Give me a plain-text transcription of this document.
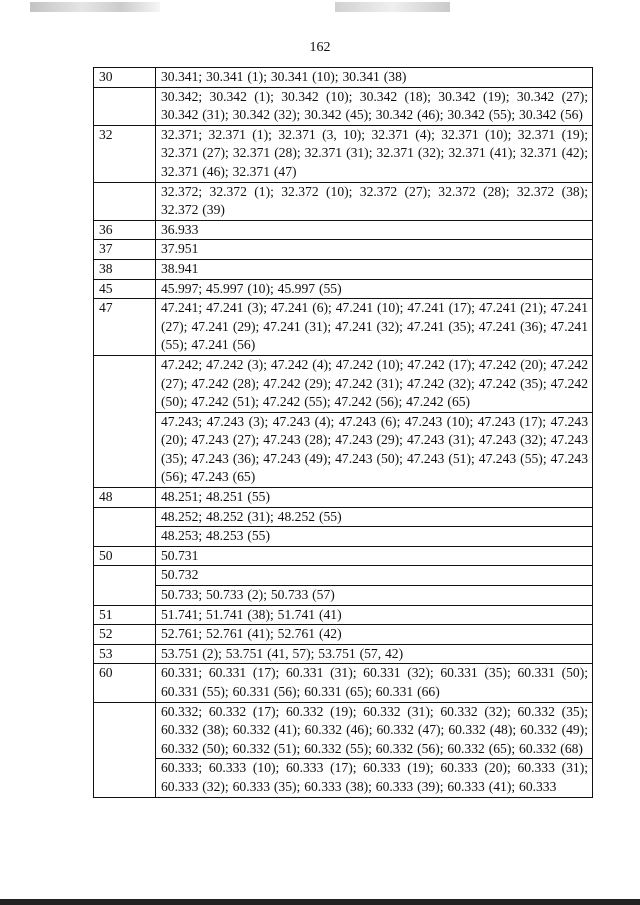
162
30	30.341; 30.341 (1); 30.341 (10); 30.341 (38)
	30.342; 30.342 (1); 30.342 (10); 30.342 (18); 30.342 (19); 30.342 (27); 30.342 (31); 30.342 (32); 30.342 (45); 30.342 (46); 30.342 (55); 30.342 (56)
32	32.371; 32.371 (1); 32.371 (3, 10); 32.371 (4); 32.371 (10); 32.371 (19); 32.371 (27); 32.371 (28); 32.371 (31); 32.371 (32); 32.371 (41); 32.371 (42); 32.371 (46); 32.371 (47)
	32.372; 32.372 (1); 32.372 (10); 32.372 (27); 32.372 (28); 32.372 (38); 32.372 (39)
36	36.933
37	37.951
38	38.941
45	45.997; 45.997 (10); 45.997 (55)
47	47.241; 47.241 (3); 47.241 (6); 47.241 (10); 47.241 (17); 47.241 (21); 47.241 (27); 47.241 (29); 47.241 (31); 47.241 (32); 47.241 (35); 47.241 (36); 47.241 (55); 47.241 (56)
	47.242; 47.242 (3); 47.242 (4); 47.242 (10); 47.242 (17); 47.242 (20); 47.242 (27); 47.242 (28); 47.242 (29); 47.242 (31); 47.242 (32); 47.242 (35); 47.242 (50); 47.242 (51); 47.242 (55); 47.242 (56); 47.242 (65)
	47.243; 47.243 (3); 47.243 (4); 47.243 (6); 47.243 (10); 47.243 (17); 47.243 (20); 47.243 (27); 47.243 (28); 47.243 (29); 47.243 (31); 47.243 (32); 47.243 (35); 47.243 (36); 47.243 (49); 47.243 (50); 47.243 (51); 47.243 (55); 47.243 (56); 47.243 (65)
48	48.251; 48.251 (55)
	48.252; 48.252 (31); 48.252 (55)
	48.253; 48.253 (55)
50	50.731
	50.732
	50.733; 50.733 (2); 50.733 (57)
51	51.741; 51.741 (38); 51.741 (41)
52	52.761; 52.761 (41); 52.761 (42)
53	53.751 (2); 53.751 (41, 57); 53.751 (57, 42)
60	60.331; 60.331 (17); 60.331 (31); 60.331 (32); 60.331 (35); 60.331 (50); 60.331 (55); 60.331 (56); 60.331 (65); 60.331 (66)
	60.332; 60.332 (17); 60.332 (19); 60.332 (31); 60.332 (32); 60.332 (35); 60.332 (38); 60.332 (41); 60.332 (46); 60.332 (47); 60.332 (48); 60.332 (49); 60.332 (50); 60.332 (51); 60.332 (55); 60.332 (56); 60.332 (65); 60.332 (68)
	60.333; 60.333 (10); 60.333 (17); 60.333 (19); 60.333 (20); 60.333 (31); 60.333 (32); 60.333 (35); 60.333 (38); 60.333 (39); 60.333 (41); 60.333
